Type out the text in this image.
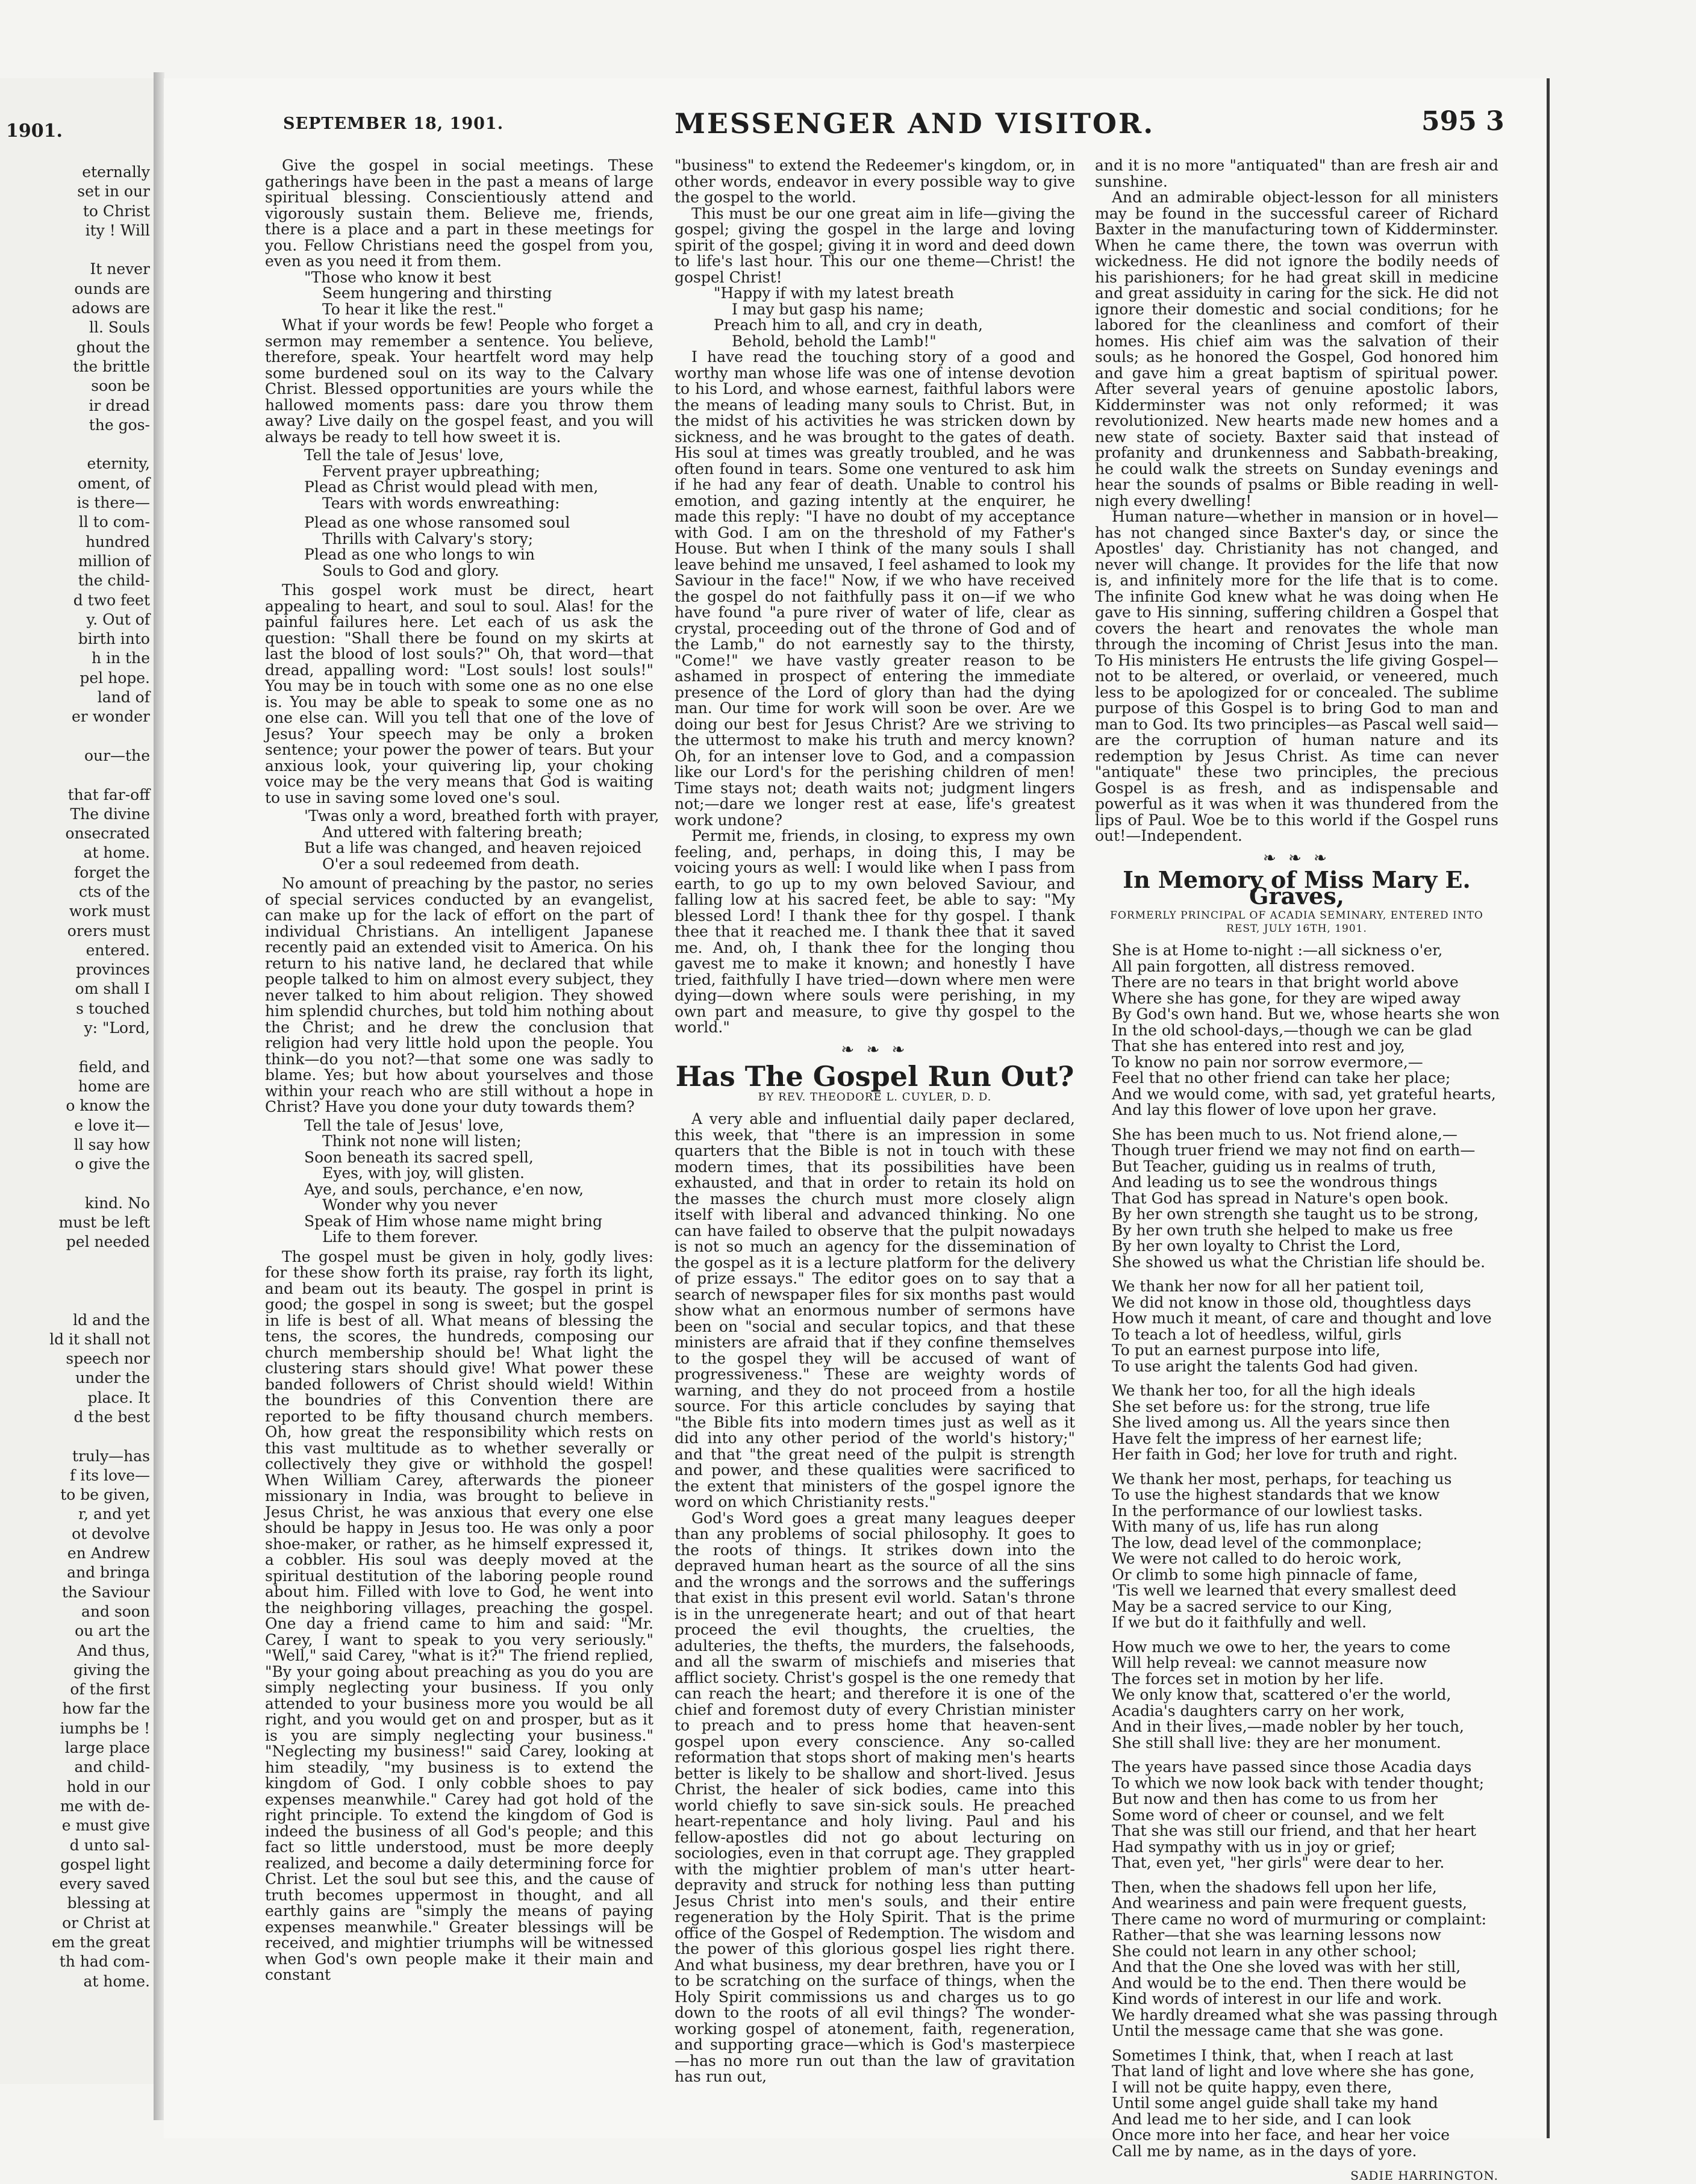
1901.
eternally
set in our
to Christ
ity ! Will
It never
ounds are
adows are
ll. Souls
ghout the
the brittle
soon be
ir dread
the gos-
eternity,
oment, of
is there—
ll to com-
hundred
million of
the child-
d two feet
y. Out of
birth into
h in the
pel hope.
land of
er wonder
our—the
that far-off
The divine
onsecrated
at home.
forget the
cts of the
work must
orers must
entered.
provinces
om shall I
s touched
y: "Lord,
field, and
home are
o know the
e love it—
ll say how
o give the
kind. No
must be left
pel needed
ld and the
ld it shall not
speech nor
under the
place. It
d the best
truly—has
f its love—
to be given,
r, and yet
ot devolve
en Andrew
and bringa
the Saviour
and soon
ou art the
And thus,
giving the
of the first
how far the
iumphs be !
large place
and child-
hold in our
me with de-
e must give
d unto sal-
gospel light
every saved
blessing at
or Christ at
em the great
th had com-
at home.
SEPTEMBER 18, 1901.	MESSENGER AND VISITOR.	595 3

Give the gospel in social meetings. These gatherings have been in the past a means of large spiritual blessing. Conscientiously attend and vigorously sustain them. Believe me, friends, there is a place and a part in these meetings for you. Fellow Christians need the gospel from you, even as you need it from them.

"Those who know it best
Seem hungering and thirsting
To hear it like the rest."

What if your words be few! People who forget a sermon may remember a sentence. You believe, therefore, speak. Your heartfelt word may help some burdened soul on its way to the Calvary Christ. Blessed opportunities are yours while the hallowed moments pass: dare you throw them away? Live daily on the gospel feast, and you will always be ready to tell how sweet it is.

Tell the tale of Jesus' love,
Fervent prayer upbreathing;
Plead as Christ would plead with men,
Tears with words enwreathing:
Plead as one whose ransomed soul
Thrills with Calvary's story;
Plead as one who longs to win
Souls to God and glory.

This gospel work must be direct, heart appealing to heart, and soul to soul. Alas! for the painful failures here. Let each of us ask the question: "Shall there be found on my skirts at last the blood of lost souls?" Oh, that word—that dread, appalling word: "Lost souls! lost souls!" You may be in touch with some one as no one else is. You may be able to speak to some one as no one else can. Will you tell that one of the love of Jesus? Your speech may be only a broken sentence; your power the power of tears. But your anxious look, your quivering lip, your choking voice may be the very means that God is waiting to use in saving some loved one's soul.

'Twas only a word, breathed forth with prayer,
And uttered with faltering breath;
But a life was changed, and heaven rejoiced
O'er a soul redeemed from death.

No amount of preaching by the pastor, no series of special services conducted by an evangelist, can make up for the lack of effort on the part of individual Christians. An intelligent Japanese recently paid an extended visit to America. On his return to his native land, he declared that while people talked to him on almost every subject, they never talked to him about religion. They showed him splendid churches, but told him nothing about the Christ; and he drew the conclusion that religion had very little hold upon the people. You think—do you not?—that some one was sadly to blame. Yes; but how about yourselves and those within your reach who are still without a hope in Christ? Have you done your duty towards them?

Tell the tale of Jesus' love,
Think not none will listen;
Soon beneath its sacred spell,
Eyes, with joy, will glisten.
Aye, and souls, perchance, e'en now,
Wonder why you never
Speak of Him whose name might bring
Life to them forever.

The gospel must be given in holy, godly lives: for these show forth its praise, ray forth its light, and beam out its beauty. The gospel in print is good; the gospel in song is sweet; but the gospel in life is best of all. What means of blessing the tens, the scores, the hundreds, composing our church membership should be! What light the clustering stars should give! What power these banded followers of Christ should wield! Within the boundries of this Convention there are reported to be fifty thousand church members. Oh, how great the responsibility which rests on this vast multitude as to whether severally or collectively they give or withhold the gospel! When William Carey, afterwards the pioneer missionary in India, was brought to believe in Jesus Christ, he was anxious that every one else should be happy in Jesus too. He was only a poor shoe-maker, or rather, as he himself expressed it, a cobbler. His soul was deeply moved at the spiritual destitution of the laboring people round about him. Filled with love to God, he went into the neighboring villages, preaching the gospel. One day a friend came to him and said: "Mr. Carey, I want to speak to you very seriously." "Well," said Carey, "what is it?" The friend replied, "By your going about preaching as you do you are simply neglecting your business. If you only attended to your business more you would be all right, and you would get on and prosper, but as it is you are simply neglecting your business." "Neglecting my business!" said Carey, looking at him steadily, "my business is to extend the kingdom of God. I only cobble shoes to pay expenses meanwhile." Carey had got hold of the right principle. To extend the kingdom of God is indeed the business of all God's people; and this fact so little understood, must be more deeply realized, and become a daily determining force for Christ. Let the soul but see this, and the cause of truth becomes uppermost in thought, and all earthly gains are "simply the means of paying expenses meanwhile." Greater blessings will be received, and mightier triumphs will be witnessed when God's own people make it their main and constant

"business" to extend the Redeemer's kingdom, or, in other words, endeavor in every possible way to give the gospel to the world.

This must be our one great aim in life—giving the gospel; giving the gospel in the large and loving spirit of the gospel; giving it in word and deed down to life's last hour. This our one theme—Christ! the gospel Christ!

"Happy if with my latest breath
I may but gasp his name;
Preach him to all, and cry in death,
Behold, behold the Lamb!"

I have read the touching story of a good and worthy man whose life was one of intense devotion to his Lord, and whose earnest, faithful labors were the means of leading many souls to Christ. But, in the midst of his activities he was stricken down by sickness, and he was brought to the gates of death. His soul at times was greatly troubled, and he was often found in tears. Some one ventured to ask him if he had any fear of death. Unable to control his emotion, and gazing intently at the enquirer, he made this reply: "I have no doubt of my acceptance with God. I am on the threshold of my Father's House. But when I think of the many souls I shall leave behind me unsaved, I feel ashamed to look my Saviour in the face!" Now, if we who have received the gospel do not faithfully pass it on—if we who have found "a pure river of water of life, clear as crystal, proceeding out of the throne of God and of the Lamb," do not earnestly say to the thirsty, "Come!" we have vastly greater reason to be ashamed in prospect of entering the immediate presence of the Lord of glory than had the dying man. Our time for work will soon be over. Are we doing our best for Jesus Christ? Are we striving to the uttermost to make his truth and mercy known? Oh, for an intenser love to God, and a compassion like our Lord's for the perishing children of men! Time stays not; death waits not; judgment lingers not;—dare we longer rest at ease, life's greatest work undone?

Permit me, friends, in closing, to express my own feeling, and, perhaps, in doing this, I may be voicing yours as well: I would like when I pass from earth, to go up to my own beloved Saviour, and falling low at his sacred feet, be able to say: "My blessed Lord! I thank thee for thy gospel. I thank thee that it reached me. I thank thee that it saved me. And, oh, I thank thee for the longing thou gavest me to make it known; and honestly I have tried, faithfully I have tried—down where men were dying—down where souls were perishing, in my own part and measure, to give thy gospel to the world."

❧ ❧ ❧
Has The Gospel Run Out?
BY REV. THEODORE L. CUYLER, D. D.

A very able and influential daily paper declared, this week, that "there is an impression in some quarters that the Bible is not in touch with these modern times, that its possibilities have been exhausted, and that in order to retain its hold on the masses the church must more closely align itself with liberal and advanced thinking. No one can have failed to observe that the pulpit nowadays is not so much an agency for the dissemination of the gospel as it is a lecture platform for the delivery of prize essays." The editor goes on to say that a search of newspaper files for six months past would show what an enormous number of sermons have been on "social and secular topics, and that these ministers are afraid that if they confine themselves to the gospel they will be accused of want of progressiveness." These are weighty words of warning, and they do not proceed from a hostile source. For this article concludes by saying that "the Bible fits into modern times just as well as it did into any other period of the world's history;" and that "the great need of the pulpit is strength and power, and these qualities were sacrificed to the extent that ministers of the gospel ignore the word on which Christianity rests."

God's Word goes a great many leagues deeper than any problems of social philosophy. It goes to the roots of things. It strikes down into the depraved human heart as the source of all the sins and the wrongs and the sorrows and the sufferings that exist in this present evil world. Satan's throne is in the unregenerate heart; and out of that heart proceed the evil thoughts, the cruelties, the adulteries, the thefts, the murders, the falsehoods, and all the swarm of mischiefs and miseries that afflict society. Christ's gospel is the one remedy that can reach the heart; and therefore it is one of the chief and foremost duty of every Christian minister to preach and to press home that heaven-sent gospel upon every conscience. Any so-called reformation that stops short of making men's hearts better is likely to be shallow and short-lived. Jesus Christ, the healer of sick bodies, came into this world chiefly to save sin-sick souls. He preached heart-repentance and holy living. Paul and his fellow-apostles did not go about lecturing on sociologies, even in that corrupt age. They grappled with the mightier problem of man's utter heart-depravity and struck for nothing less than putting Jesus Christ into men's souls, and their entire regeneration by the Holy Spirit. That is the prime office of the Gospel of Redemption. The wisdom and the power of this glorious gospel lies right there. And what business, my dear brethren, have you or I to be scratching on the surface of things, when the Holy Spirit commissions us and charges us to go down to the roots of all evil things? The wonder-working gospel of atonement, faith, regeneration, and supporting grace—which is God's masterpiece—has no more run out than the law of gravitation has run out,

and it is no more "antiquated" than are fresh air and sunshine.

And an admirable object-lesson for all ministers may be found in the successful career of Richard Baxter in the manufacturing town of Kidderminster. When he came there, the town was overrun with wickedness. He did not ignore the bodily needs of his parishioners; for he had great skill in medicine and great assiduity in caring for the sick. He did not ignore their domestic and social conditions; for he labored for the cleanliness and comfort of their homes. His chief aim was the salvation of their souls; as he honored the Gospel, God honored him and gave him a great baptism of spiritual power. After several years of genuine apostolic labors, Kidderminster was not only reformed; it was revolutionized. New hearts made new homes and a new state of society. Baxter said that instead of profanity and drunkenness and Sabbath-breaking, he could walk the streets on Sunday evenings and hear the sounds of psalms or Bible reading in well-nigh every dwelling!

Human nature—whether in mansion or in hovel—has not changed since Baxter's day, or since the Apostles' day. Christianity has not changed, and never will change. It provides for the life that now is, and infinitely more for the life that is to come. The infinite God knew what he was doing when He gave to His sinning, suffering children a Gospel that covers the heart and renovates the whole man through the incoming of Christ Jesus into the man. To His ministers He entrusts the life giving Gospel—not to be altered, or overlaid, or veneered, much less to be apologized for or concealed. The sublime purpose of this Gospel is to bring God to man and man to God. Its two principles—as Pascal well said—are the corruption of human nature and its redemption by Jesus Christ. As time can never "antiquate" these two principles, the precious Gospel is as fresh, and as indispensable and powerful as it was when it was thundered from the lips of Paul. Woe be to this world if the Gospel runs out!—Independent.

❧ ❧ ❧
In Memory of Miss Mary E. Graves,
FORMERLY PRINCIPAL OF ACADIA SEMINARY, ENTERED INTO REST, JULY 16TH, 1901.
She is at Home to-night :—all sickness o'er,
All pain forgotten, all distress removed.
There are no tears in that bright world above
Where she has gone, for they are wiped away
By God's own hand. But we, whose hearts she won
In the old school-days,—though we can be glad
That she has entered into rest and joy,
To know no pain nor sorrow evermore,—
Feel that no other friend can take her place;
And we would come, with sad, yet grateful hearts,
And lay this flower of love upon her grave.
She has been much to us. Not friend alone,—
Though truer friend we may not find on earth—
But Teacher, guiding us in realms of truth,
And leading us to see the wondrous things
That God has spread in Nature's open book.
By her own strength she taught us to be strong,
By her own truth she helped to make us free
By her own loyalty to Christ the Lord,
She showed us what the Christian life should be.
We thank her now for all her patient toil,
We did not know in those old, thoughtless days
How much it meant, of care and thought and love
To teach a lot of heedless, wilful, girls
To put an earnest purpose into life,
To use aright the talents God had given.
We thank her too, for all the high ideals
She set before us: for the strong, true life
She lived among us. All the years since then
Have felt the impress of her earnest life;
Her faith in God; her love for truth and right.
We thank her most, perhaps, for teaching us
To use the highest standards that we know
In the performance of our lowliest tasks.
With many of us, life has run along
The low, dead level of the commonplace;
We were not called to do heroic work,
Or climb to some high pinnacle of fame,
'Tis well we learned that every smallest deed
May be a sacred service to our King,
If we but do it faithfully and well.
How much we owe to her, the years to come
Will help reveal: we cannot measure now
The forces set in motion by her life.
We only know that, scattered o'er the world,
Acadia's daughters carry on her work,
And in their lives,—made nobler by her touch,
She still shall live: they are her monument.
The years have passed since those Acadia days
To which we now look back with tender thought;
But now and then has come to us from her
Some word of cheer or counsel, and we felt
That she was still our friend, and that her heart
Had sympathy with us in joy or grief;
That, even yet, "her girls" were dear to her.
Then, when the shadows fell upon her life,
And weariness and pain were frequent guests,
There came no word of murmuring or complaint:
Rather—that she was learning lessons now
She could not learn in any other school;
And that the One she loved was with her still,
And would be to the end. Then there would be
Kind words of interest in our life and work.
We hardly dreamed what she was passing through
Until the message came that she was gone.
Sometimes I think, that, when I reach at last
That land of light and love where she has gone,
I will not be quite happy, even there,
Until some angel guide shall take my hand
And lead me to her side, and I can look
Once more into her face, and hear her voice
Call me by name, as in the days of yore.
SADIE HARRINGTON.
